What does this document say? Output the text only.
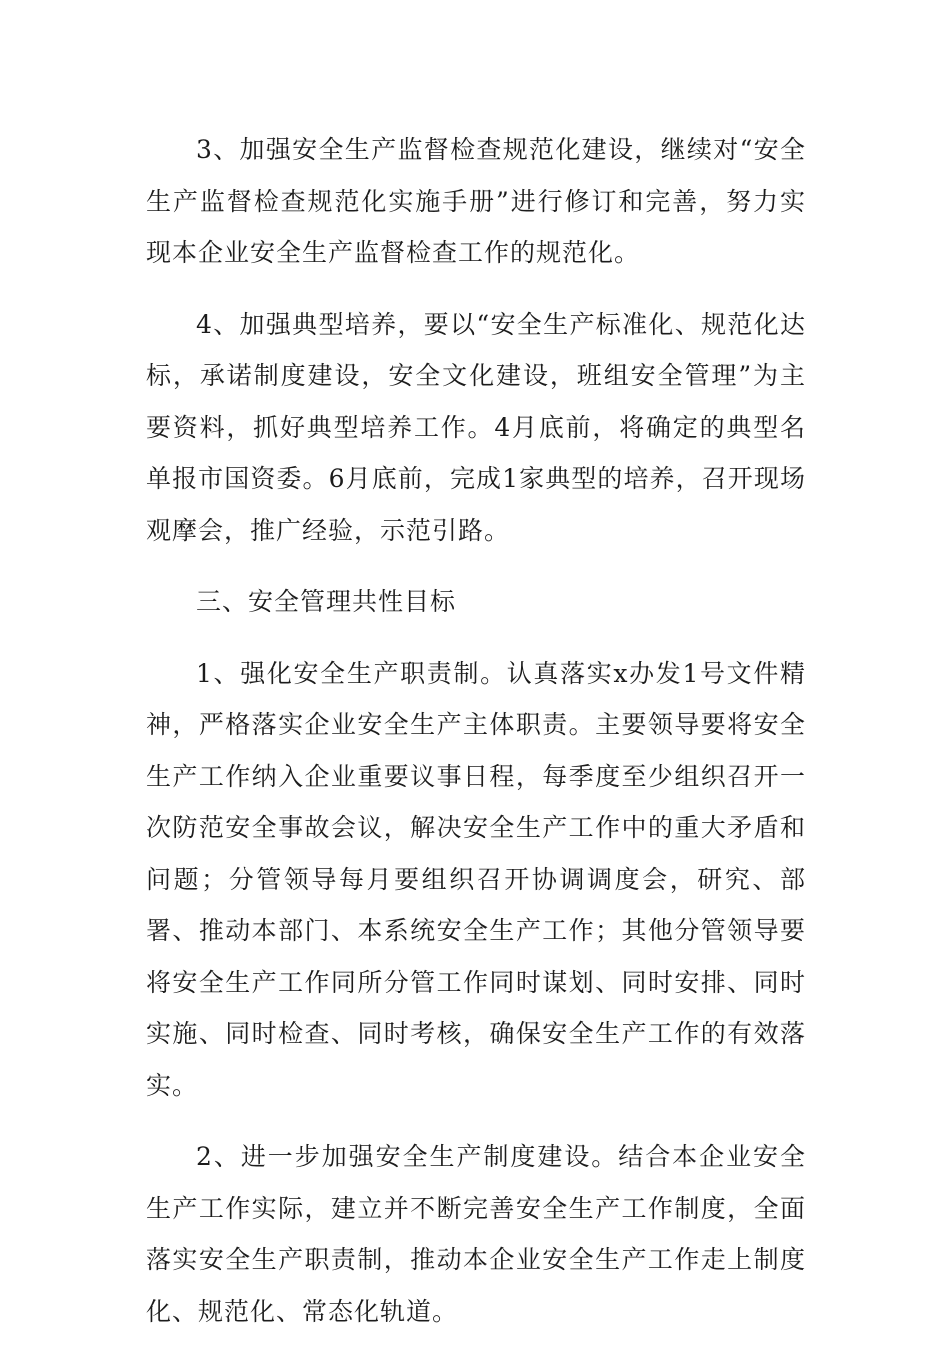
3、加强安全生产监督检查规范化建设，继续对“安全生产监督检查规范化实施手册”进行修订和完善，努力实现本企业安全生产监督检查工作的规范化。

4、加强典型培养，要以“安全生产标准化、规范化达标，承诺制度建设，安全文化建设，班组安全管理”为主要资料，抓好典型培养工作。4月底前，将确定的典型名单报市国资委。6月底前，完成1家典型的培养，召开现场观摩会，推广经验，示范引路。

三、安全管理共性目标

1、强化安全生产职责制。认真落实x办发1号文件精神，严格落实企业安全生产主体职责。主要领导要将安全生产工作纳入企业重要议事日程，每季度至少组织召开一次防范安全事故会议，解决安全生产工作中的重大矛盾和问题；分管领导每月要组织召开协调调度会，研究、部署、推动本部门、本系统安全生产工作；其他分管领导要将安全生产工作同所分管工作同时谋划、同时安排、同时实施、同时检查、同时考核，确保安全生产工作的有效落实。

2、进一步加强安全生产制度建设。结合本企业安全生产工作实际，建立并不断完善安全生产工作制度，全面落实安全生产职责制，推动本企业安全生产工作走上制度化、规范化、常态化轨道。
